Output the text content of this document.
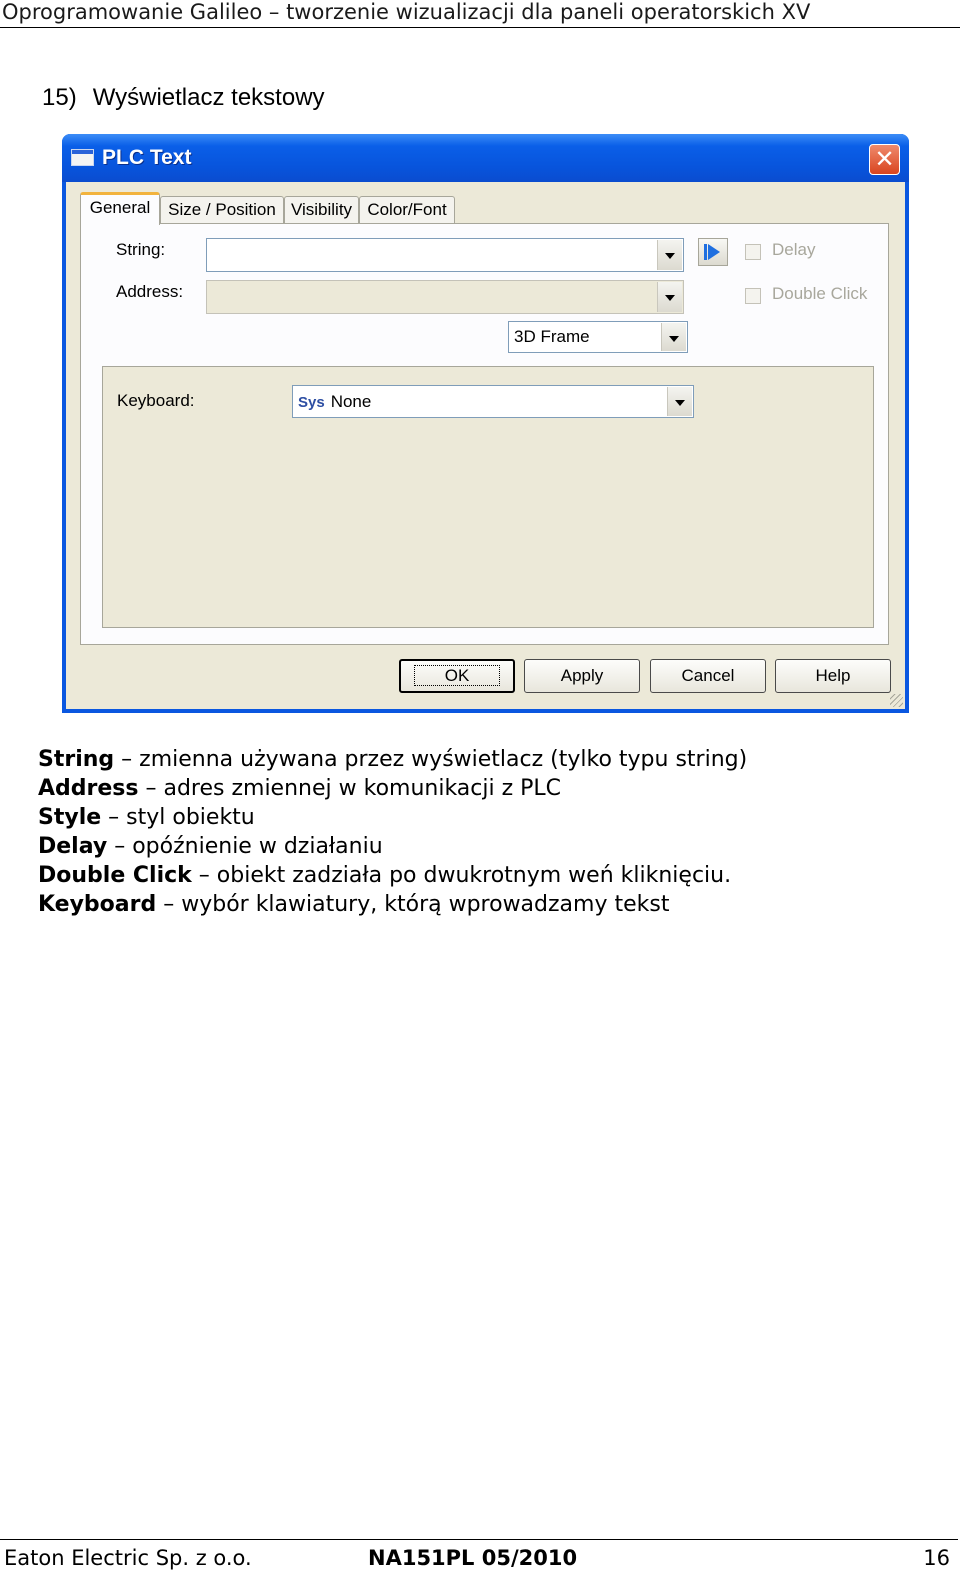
Oprogramowanie Galileo – tworzenie wizualizacji dla paneli operatorskich XV
15) Wyświetlacz tekstowy
PLC Text	✕
General	Size / Position Visibility Color/Font
String:	Delay
Address:	Double Click
3D Frame
Keyboard:	Sys None
OK	Apply	Cancel	Help
String – zmienna używana przez wyświetlacz (tylko typu string)
Address – adres zmiennej w komunikacji z PLC
Style – styl obiektu
Delay – opóźnienie w działaniu
Double Click – obiekt zadziała po dwukrotnym weń kliknięciu.
Keyboard – wybór klawiatury, którą wprowadzamy tekst
Eaton Electric Sp. z o.o.	NA151PL 05/2010	16
